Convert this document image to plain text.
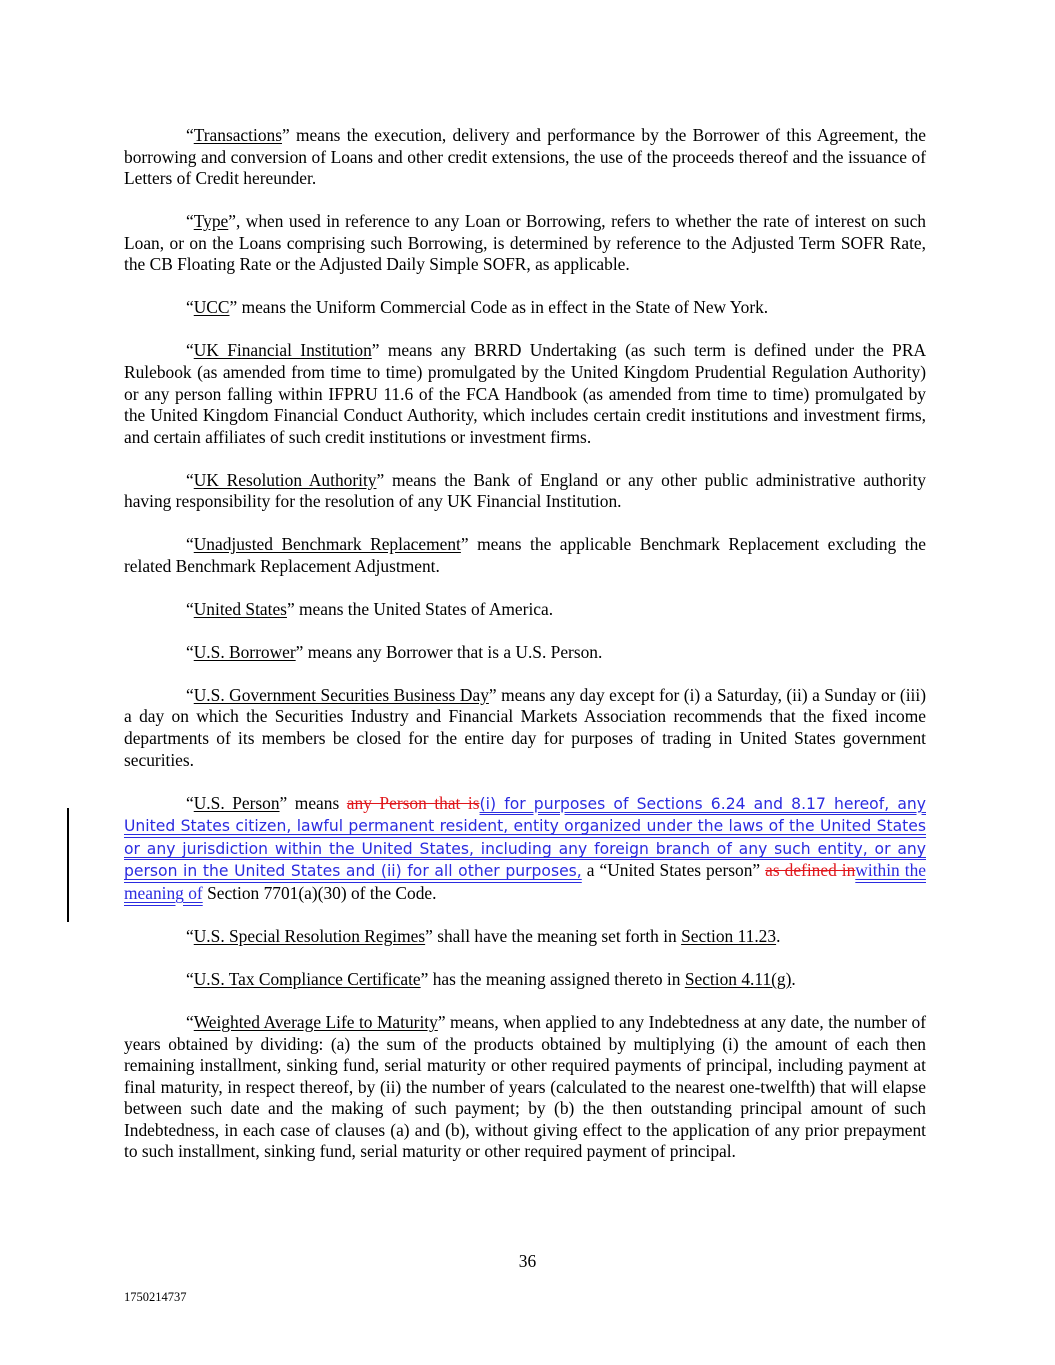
“Transactions” means the execution, delivery and performance by the Borrower of this Agreement, the borrowing and conversion of Loans and other credit extensions, the use of the proceeds thereof and the issuance of Letters of Credit hereunder.

“Type”, when used in reference to any Loan or Borrowing, refers to whether the rate of interest on such Loan, or on the Loans comprising such Borrowing, is determined by reference to the Adjusted Term SOFR Rate, the CB Floating Rate or the Adjusted Daily Simple SOFR, as applicable.

“UCC” means the Uniform Commercial Code as in effect in the State of New York.

“UK Financial Institution” means any BRRD Undertaking (as such term is defined under the PRA Rulebook (as amended from time to time) promulgated by the United Kingdom Prudential Regulation Authority) or any person falling within IFPRU 11.6 of the FCA Handbook (as amended from time to time) promulgated by the United Kingdom Financial Conduct Authority, which includes certain credit institutions and investment firms, and certain affiliates of such credit institutions or investment firms.

“UK Resolution Authority” means the Bank of England or any other public administrative authority having responsibility for the resolution of any UK Financial Institution.

“Unadjusted Benchmark Replacement” means the applicable Benchmark Replacement excluding the related Benchmark Replacement Adjustment.

“United States” means the United States of America.

“U.S. Borrower” means any Borrower that is a U.S. Person.

“U.S. Government Securities Business Day” means any day except for (i) a Saturday, (ii) a Sunday or (iii) a day on which the Securities Industry and Financial Markets Association recommends that the fixed income departments of its members be closed for the entire day for purposes of trading in United States government securities.

“U.S. Person” means any Person that is(i) for purposes of Sections 6.24 and 8.17 hereof, any United States citizen, lawful permanent resident, entity organized under the laws of the United States or any jurisdiction within the United States, including any foreign branch of any such entity, or any person in the United States and (ii) for all other purposes, a “United States person” as defined inwithin the meaning of Section 7701(a)(30) of the Code.

“U.S. Special Resolution Regimes” shall have the meaning set forth in Section 11.23.

“U.S. Tax Compliance Certificate” has the meaning assigned thereto in Section 4.11(g).

“Weighted Average Life to Maturity” means, when applied to any Indebtedness at any date, the number of years obtained by dividing: (a) the sum of the products obtained by multiplying (i) the amount of each then remaining installment, sinking fund, serial maturity or other required payments of principal, including payment at final maturity, in respect thereof, by (ii) the number of years (calculated to the nearest one-twelfth) that will elapse between such date and the making of such payment; by (b) the then outstanding principal amount of such Indebtedness, in each case of clauses (a) and (b), without giving effect to the application of any prior prepayment to such installment, sinking fund, serial maturity or other required payment of principal.

36
1750214737
